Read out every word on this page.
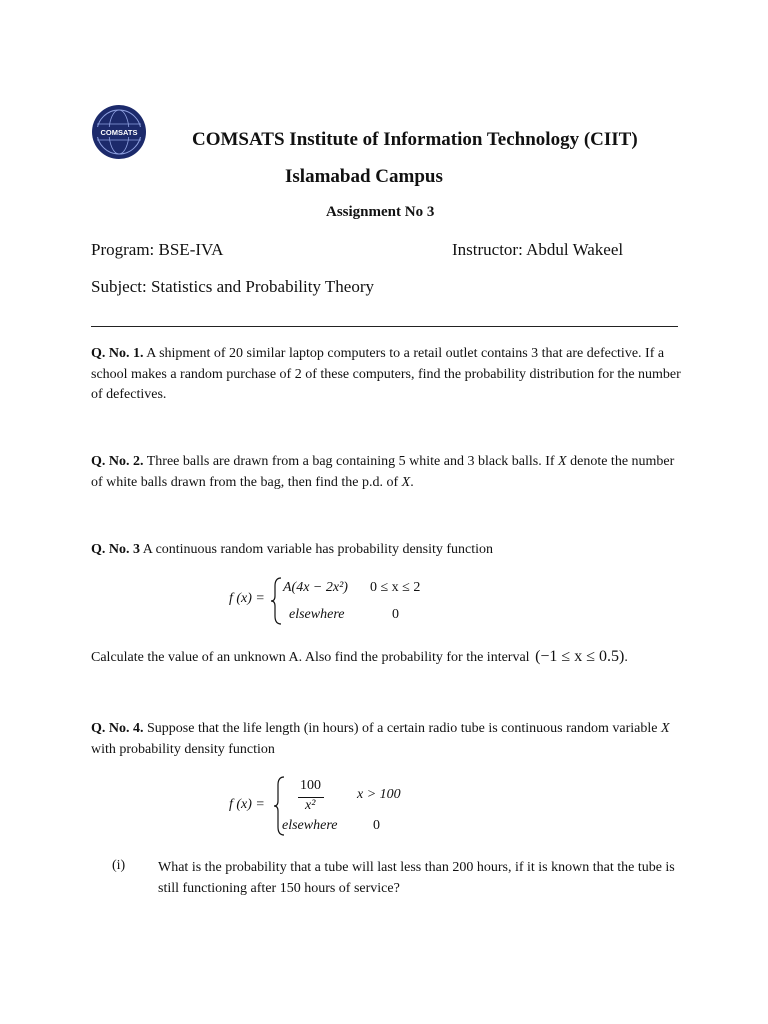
COMSATS	COMSATS Institute of Information Technology (CIIT)
Islamabad Campus
Assignment No 3
Program: BSE-IVA	Instructor: Abdul Wakeel
Subject: Statistics and Probability Theory
Q. No. 1. A shipment of 20 similar laptop computers to a retail outlet contains 3 that are defective. If a school makes a random purchase of 2 of these computers, find the probability distribution for the number of defectives.
Q. No. 2. Three balls are drawn from a bag containing 5 white and 3 black balls. If X denote the number of white balls drawn from the bag, then find the p.d. of X.
Q. No. 3 A continuous random variable has probability density function
f (x) =
A(4x − 2x²) 0 ≤ x ≤ 2
elsewhere	0
Calculate the value of an unknown A. Also find the probability for the interval (−1 ≤ x ≤ 0.5).
Q. No. 4. Suppose that the life length (in hours) of a certain radio tube is continuous random variable X with probability density function
f (x) =
100
x²
x > 100
elsewhere	0
(i) What is the probability that a tube will last less than 200 hours, if it is known that the tube is still functioning after 150 hours of service?
